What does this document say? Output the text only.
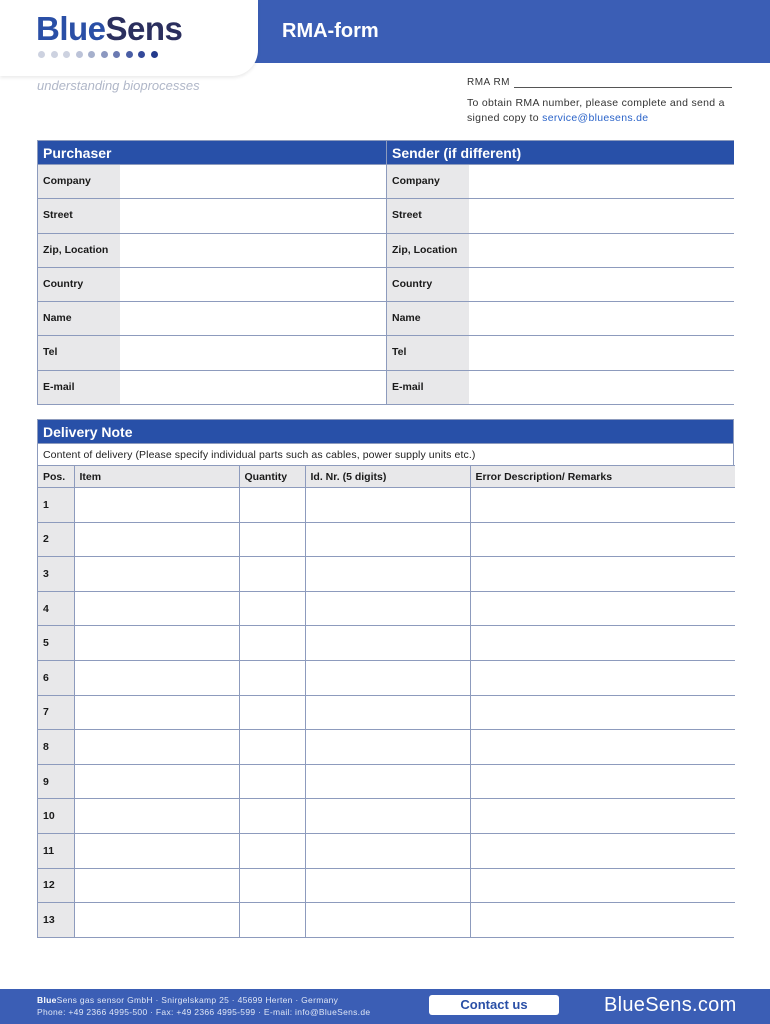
BlueSens	RMA-form
understanding bioprocesses	RMA RM
To obtain RMA number, please complete and send a signed copy to service@bluesens.de
Purchaser
Company
Street
Zip, Location
Country
Name
Tel
E-mail
Sender (if different)
Company
Street
Zip, Location
Country
Name
Tel
E-mail
Delivery Note
Content of delivery (Please specify individual parts such as cables, power supply units etc.)
Pos.	Item	Quantity	Id. Nr. (5 digits)	Error Description/ Remarks
1				
2				
3				
4				
5				
6				
7				
8				
9				
10				
11				
12				
13				
BlueSens gas sensor GmbH · Snirgelskamp 25 · 45699 Herten · Germany
Phone: +49 2366 4995-500 · Fax: +49 2366 4995-599 · E-mail: info@BlueSens.de	Contact us	BlueSens.com
